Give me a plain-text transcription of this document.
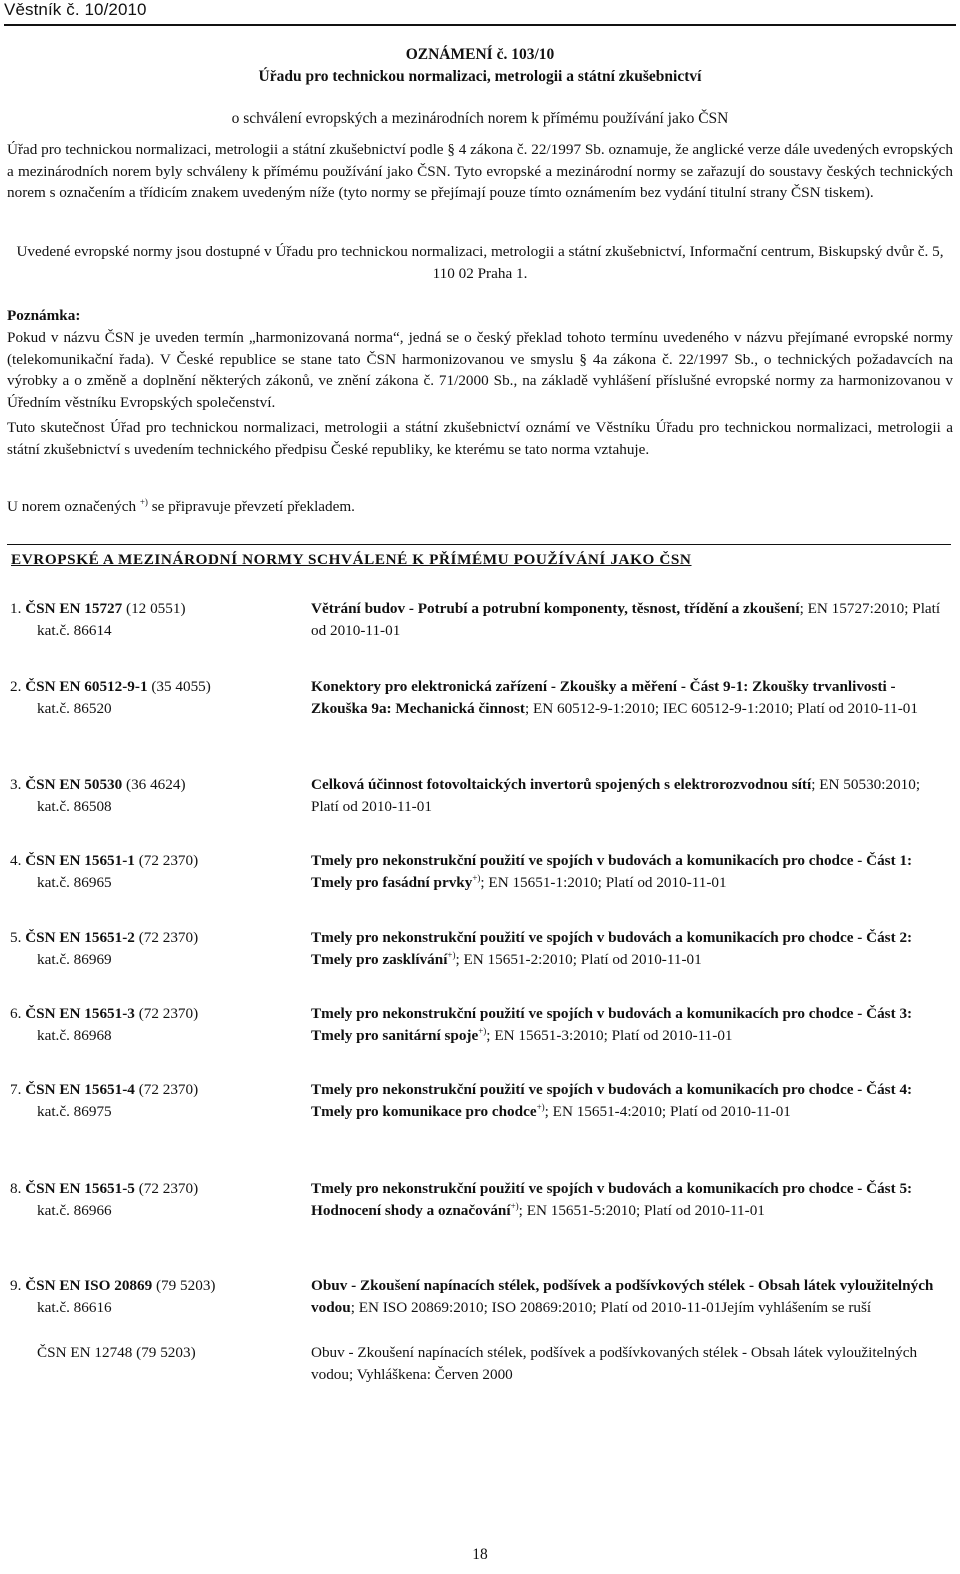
Věstník č. 10/2010
OZNÁMENÍ č. 103/10
Úřadu pro technickou normalizaci, metrologii a státní zkušebnictví
o schválení evropských a mezinárodních norem k přímému používání jako ČSN

Úřad pro technickou normalizaci, metrologii a státní zkušebnictví podle § 4 zákona č. 22/1997 Sb. oznamuje, že anglické verze dále uvedených evropských a mezinárodních norem byly schváleny k přímému používání jako ČSN. Tyto evropské a mezinárodní normy se zařazují do soustavy českých technických norem s označením a třídicím znakem uvedeným níže (tyto normy se přejímají pouze tímto oznámením bez vydání titulní strany ČSN tiskem).

Uvedené evropské normy jsou dostupné v Úřadu pro technickou normalizaci, metrologii a státní zkušebnictví, Informační centrum, Biskupský dvůr č. 5, 110 02 Praha 1.

Poznámka:

Pokud v názvu ČSN je uveden termín „harmonizovaná norma“, jedná se o český překlad tohoto termínu uvedeného v názvu přejímané evropské normy (telekomunikační řada). V České republice se stane tato ČSN harmonizovanou ve smyslu § 4a zákona č. 22/1997 Sb., o technických požadavcích na výrobky a o změně a doplnění některých zákonů, ve znění zákona č. 71/2000 Sb., na základě vyhlášení příslušné evropské normy za harmonizovanou v Úředním věstníku Evropských společenství.

Tuto skutečnost Úřad pro technickou normalizaci, metrologii a státní zkušebnictví oznámí ve Věstníku Úřadu pro technickou normalizaci, metrologii a státní zkušebnictví s uvedením technického předpisu České republiky, ke kterému se tato norma vztahuje.

U norem označených +) se připravuje převzetí překladem.
EVROPSKÉ A MEZINÁRODNÍ NORMY SCHVÁLENÉ K PŘÍMÉMU POUŽÍVÁNÍ JAKO ČSN
1. ČSN EN 15727 (12 0551)
kat.č. 86614
Větrání budov - Potrubí a potrubní komponenty, těsnost, třídění a zkoušení; EN 15727:2010; Platí od 2010-11-01
2. ČSN EN 60512-9-1 (35 4055)
kat.č. 86520
Konektory pro elektronická zařízení - Zkoušky a měření - Část 9-1: Zkoušky trvanlivosti - Zkouška 9a: Mechanická činnost; EN 60512-9-1:2010; IEC 60512-9-1:2010; Platí od 2010-11-01
3. ČSN EN 50530 (36 4624)
kat.č. 86508
Celková účinnost fotovoltaických invertorů spojených s elektrorozvodnou sítí; EN 50530:2010; Platí od 2010-11-01
4. ČSN EN 15651-1 (72 2370)
kat.č. 86965
Tmely pro nekonstrukční použití ve spojích v budovách a komunikacích pro chodce - Část 1: Tmely pro fasádní prvky+); EN 15651-1:2010; Platí od 2010-11-01
5. ČSN EN 15651-2 (72 2370)
kat.č. 86969
Tmely pro nekonstrukční použití ve spojích v budovách a komunikacích pro chodce - Část 2: Tmely pro zasklívání+); EN 15651-2:2010; Platí od 2010-11-01
6. ČSN EN 15651-3 (72 2370)
kat.č. 86968
Tmely pro nekonstrukční použití ve spojích v budovách a komunikacích pro chodce - Část 3: Tmely pro sanitární spoje+); EN 15651-3:2010; Platí od 2010-11-01
7. ČSN EN 15651-4 (72 2370)
kat.č. 86975
Tmely pro nekonstrukční použití ve spojích v budovách a komunikacích pro chodce - Část 4: Tmely pro komunikace pro chodce+); EN 15651-4:2010; Platí od 2010-11-01
8. ČSN EN 15651-5 (72 2370)
kat.č. 86966
Tmely pro nekonstrukční použití ve spojích v budovách a komunikacích pro chodce - Část 5: Hodnocení shody a označování+); EN 15651-5:2010; Platí od 2010-11-01
9. ČSN EN ISO 20869 (79 5203)
kat.č. 86616
Obuv - Zkoušení napínacích stélek, podšívek a podšívkových stélek - Obsah látek vyloužitelných vodou; EN ISO 20869:2010; ISO 20869:2010; Platí od 2010-11-01Jejím vyhlášením se ruší
ČSN EN 12748 (79 5203)	Obuv - Zkoušení napínacích stélek, podšívek a podšívkovaných stélek - Obsah látek vyloužitelných vodou; Vyhláškena: Červen 2000
18
